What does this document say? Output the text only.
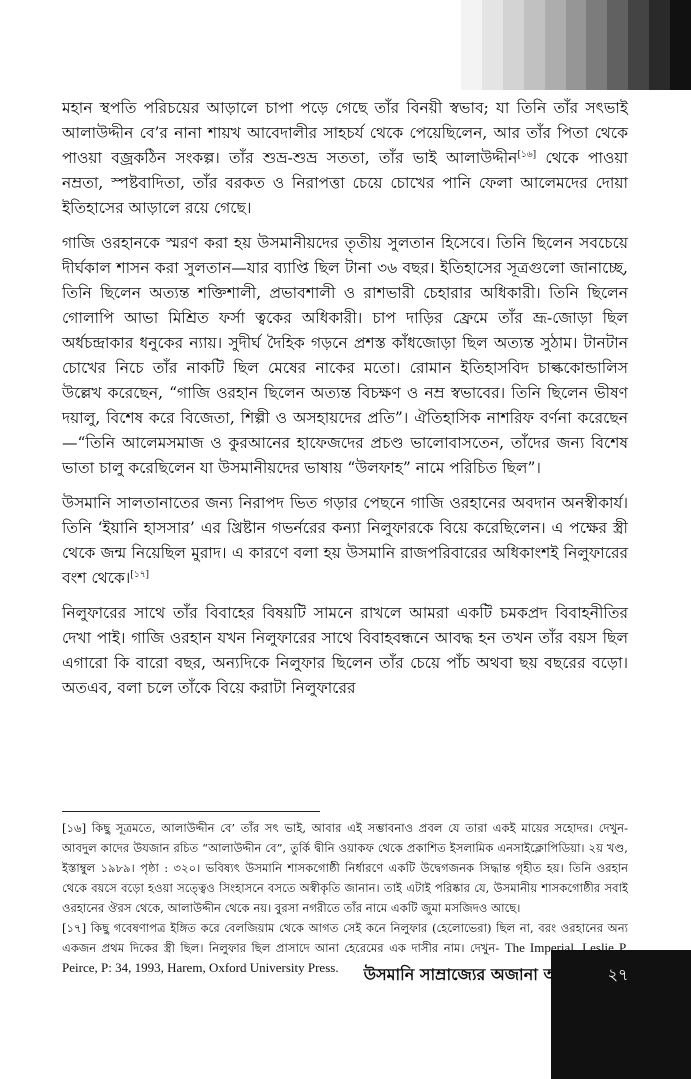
মহান স্থপতি পরিচয়ের আড়ালে চাপা পড়ে গেছে তাঁর বিনয়ী স্বভাব; যা তিনি তাঁর সৎভাই আলাউদ্দীন বে’র নানা শায়খ আবেদালীর সাহচর্য থেকে পেয়েছিলেন, আর তাঁর পিতা থেকে পাওয়া বজ্রকঠিন সংকল্প। তাঁর শুভ্র-শুভ্র সততা, তাঁর ভাই আলাউদ্দীন[১৬] থেকে পাওয়া নম্রতা, স্পষ্টবাদিতা, তাঁর বরকত ও নিরাপত্তা চেয়ে চোখের পানি ফেলা আলেমদের দোয়া ইতিহাসের আড়ালে রয়ে গেছে।

গাজি ওরহানকে স্মরণ করা হয় উসমানীয়দের তৃতীয় সুলতান হিসেবে। তিনি ছিলেন সবচেয়ে দীর্ঘকাল শাসন করা সুলতান—যার ব্যাপ্তি ছিল টানা ৩৬ বছর। ইতিহাসের সূত্রগুলো জানাচ্ছে, তিনি ছিলেন অত্যন্ত শক্তিশালী, প্রভাবশালী ও রাশভারী চেহারার অধিকারী। তিনি ছিলেন গোলাপি আভা মিশ্রিত ফর্সা ত্বকের অধিকারী। চাপ দাড়ির ফ্রেমে তাঁর ভ্রূ-জোড়া ছিল অর্ধচন্দ্রাকার ধনুকের ন্যায়। সুদীর্ঘ দৈহিক গড়নে প্রশস্ত কাঁধজোড়া ছিল অত্যন্ত সুঠাম। টানটান চোখের নিচে তাঁর নাকটি ছিল মেষের নাকের মতো। রোমান ইতিহাসবিদ চাল্ককোন্ডালিস উল্লেখ করেছেন, “গাজি ওরহান ছিলেন অত্যন্ত বিচক্ষণ ও নম্র স্বভাবের। তিনি ছিলেন ভীষণ দয়ালু, বিশেষ করে বিজেতা, শিল্পী ও অসহায়দের প্রতি”। ঐতিহাসিক নাশরিফ বর্ণনা করেছেন—“তিনি আলেমসমাজ ও কুরআনের হাফেজদের প্রচণ্ড ভালোবাসতেন, তাঁদের জন্য বিশেষ ভাতা চালু করেছিলেন যা উসমানীয়দের ভাষায় “উলফাহ” নামে পরিচিত ছিল”।

উসমানি সালতানাতের জন্য নিরাপদ ভিত গড়ার পেছনে গাজি ওরহানের অবদান অনস্বীকার্য। তিনি ‘ইয়ানি হাসসার’ এর খ্রিষ্টান গভর্নরের কন্যা নিলুফারকে বিয়ে করেছিলেন। এ পক্ষের স্ত্রী থেকে জন্ম নিয়েছিল মুরাদ। এ কারণে বলা হয় উসমানি রাজপরিবারের অধিকাংশই নিলুফারের বংশ থেকে।[১৭]

নিলুফারের সাথে তাঁর বিবাহের বিষয়টি সামনে রাখলে আমরা একটি চমকপ্রদ বিবাহনীতির দেখা পাই। গাজি ওরহান যখন নিলুফারের সাথে বিবাহবন্ধনে আবদ্ধ হন তখন তাঁর বয়স ছিল এগারো কি বারো বছর, অন্যদিকে নিলুফার ছিলেন তাঁর চেয়ে পাঁচ অথবা ছয় বছরের বড়ো। অতএব, বলা চলে তাঁকে বিয়ে করাটা নিলুফারের

[১৬] কিছু সূত্রমতে, আলাউদ্দীন বে’ তাঁর সৎ ভাই, আবার এই সম্ভাবনাও প্রবল যে তারা একই মায়ের সহোদর। দেখুন-আবদুল কাদের উযজান রচিত “আলাউদ্দীন বে”, তুর্কি দ্বীনি ওয়াকফ থেকে প্রকাশিত ইসলামিক এনসাইক্লোপিডিয়া। ২য় খণ্ড, ইস্তাম্বুল ১৯৮৯। পৃষ্ঠা : ৩২০। ভবিষ্যৎ উসমানি শাসকগোষ্ঠী নির্ধারণে একটি উদ্বেগজনক সিদ্ধান্ত গৃহীত হয়। তিনি ওরহান থেকে বয়সে বড়ো হওয়া সত্ত্বেও সিংহাসনে বসতে অস্বীকৃতি জানান। তাই এটাই পরিষ্কার যে, উসমানীয় শাসকগোষ্ঠীর সবাই ওরহানের ঔরস থেকে, আলাউদ্দীন থেকে নয়। বুরসা নগরীতে তাঁর নামে একটি জুমা মসজিদও আছে।

[১৭] কিছু গবেষণাপত্র ইঙ্গিত করে বেলজিয়াম থেকে আগত সেই কনে নিলুফার (হেলোভেরা) ছিল না, বরং ওরহানের অন্য একজন প্রথম দিকের স্ত্রী ছিল। নিলুফার ছিল প্রাসাদে আনা হেরেমের এক দাসীর নাম। দেখুন- The Imperial, Leslie P. Peirce, P: 34, 1993, Harem, Oxford University Press.	উসমানি সাম্রাজ্যের অজানা অধ্যায়	২৭
